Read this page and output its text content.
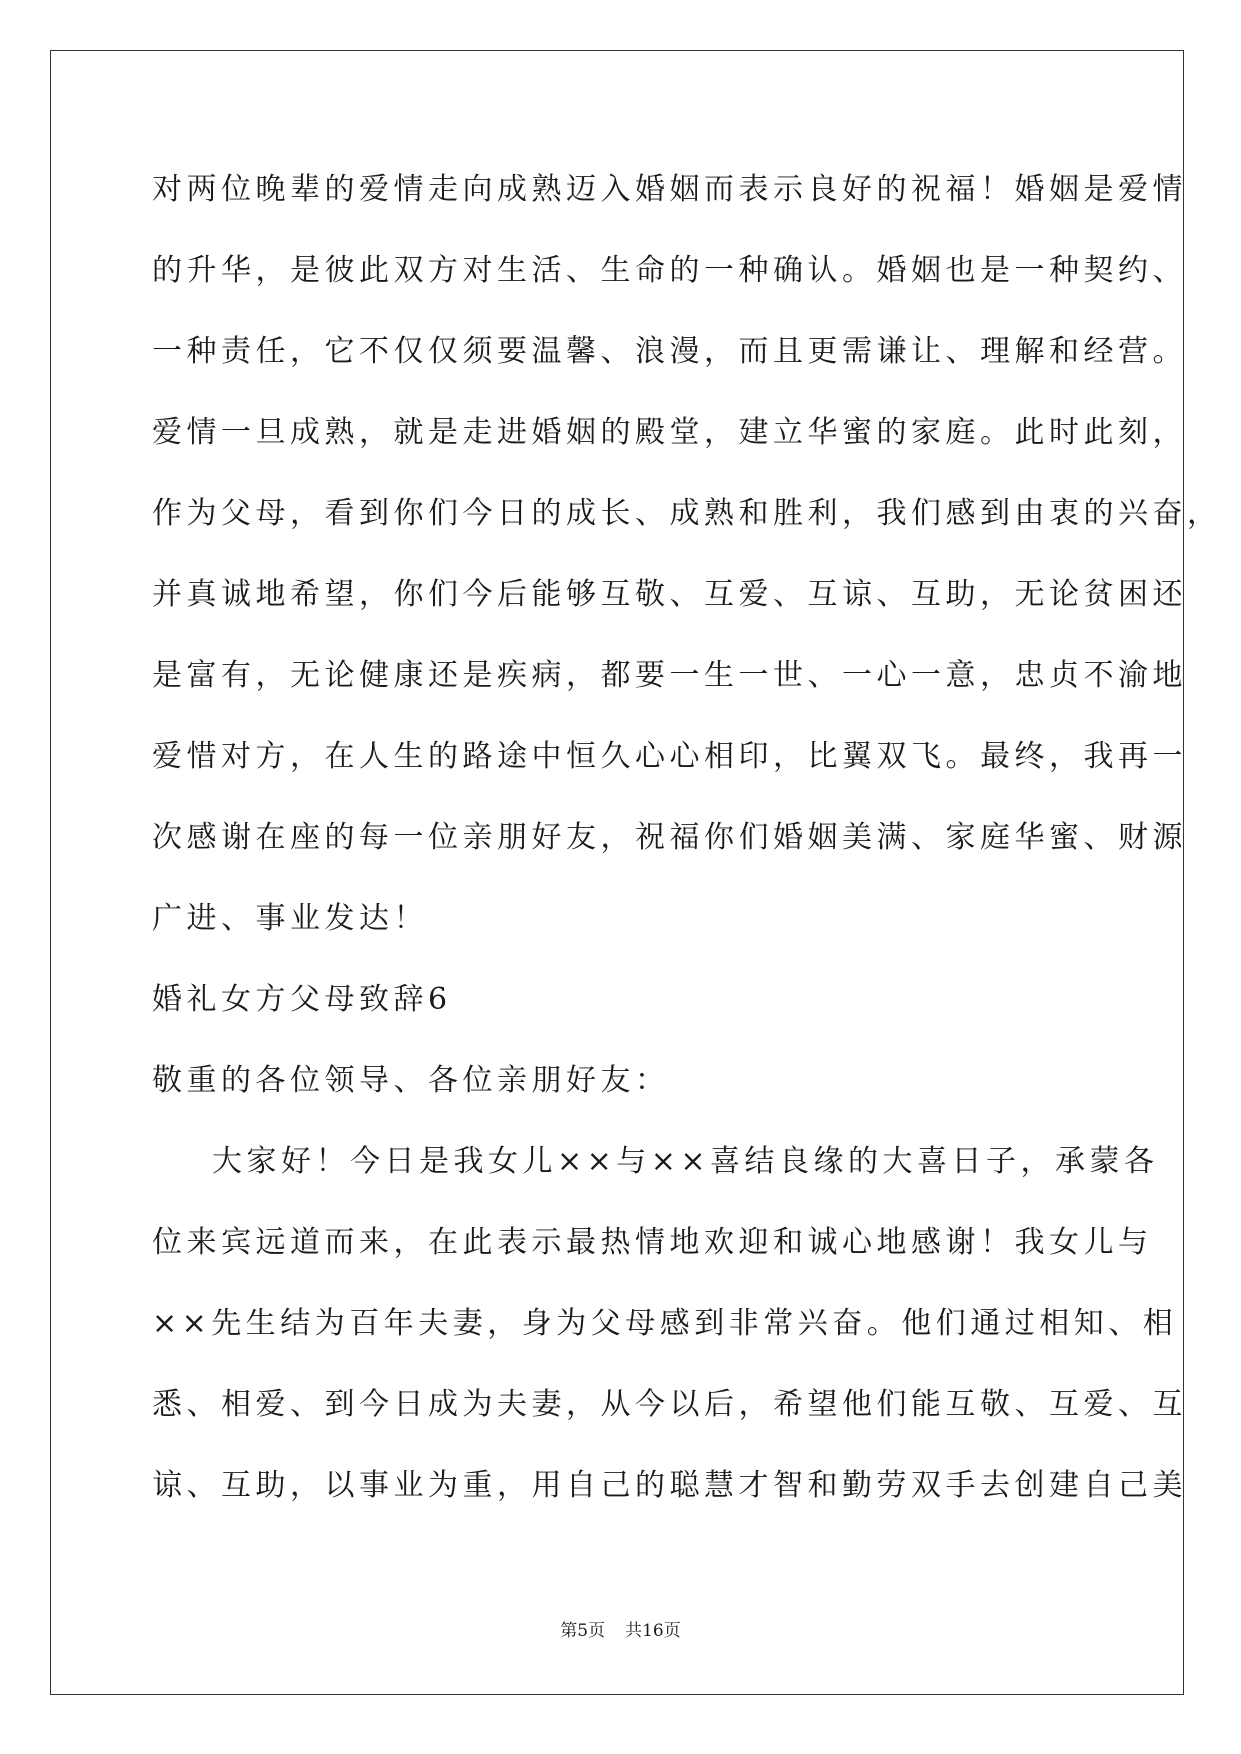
对两位晚辈的爱情走向成熟迈入婚姻而表示良好的祝福！婚姻是爱情
的升华，是彼此双方对生活、生命的一种确认。婚姻也是一种契约、
一种责任，它不仅仅须要温馨、浪漫，而且更需谦让、理解和经营。
爱情一旦成熟，就是走进婚姻的殿堂，建立华蜜的家庭。此时此刻，
作为父母，看到你们今日的成长、成熟和胜利，我们感到由衷的兴奋，
并真诚地希望，你们今后能够互敬、互爱、互谅、互助，无论贫困还
是富有，无论健康还是疾病，都要一生一世、一心一意，忠贞不渝地
爱惜对方，在人生的路途中恒久心心相印，比翼双飞。最终，我再一
次感谢在座的每一位亲朋好友，祝福你们婚姻美满、家庭华蜜、财源
广进、事业发达！
婚礼女方父母致辞6
敬重的各位领导、各位亲朋好友：
大家好！今日是我女儿××与××喜结良缘的大喜日子，承蒙各
位来宾远道而来，在此表示最热情地欢迎和诚心地感谢！我女儿与
××先生结为百年夫妻，身为父母感到非常兴奋。他们通过相知、相
悉、相爱、到今日成为夫妻，从今以后，希望他们能互敬、互爱、互
谅、互助，以事业为重，用自己的聪慧才智和勤劳双手去创建自己美
第5页 共16页
